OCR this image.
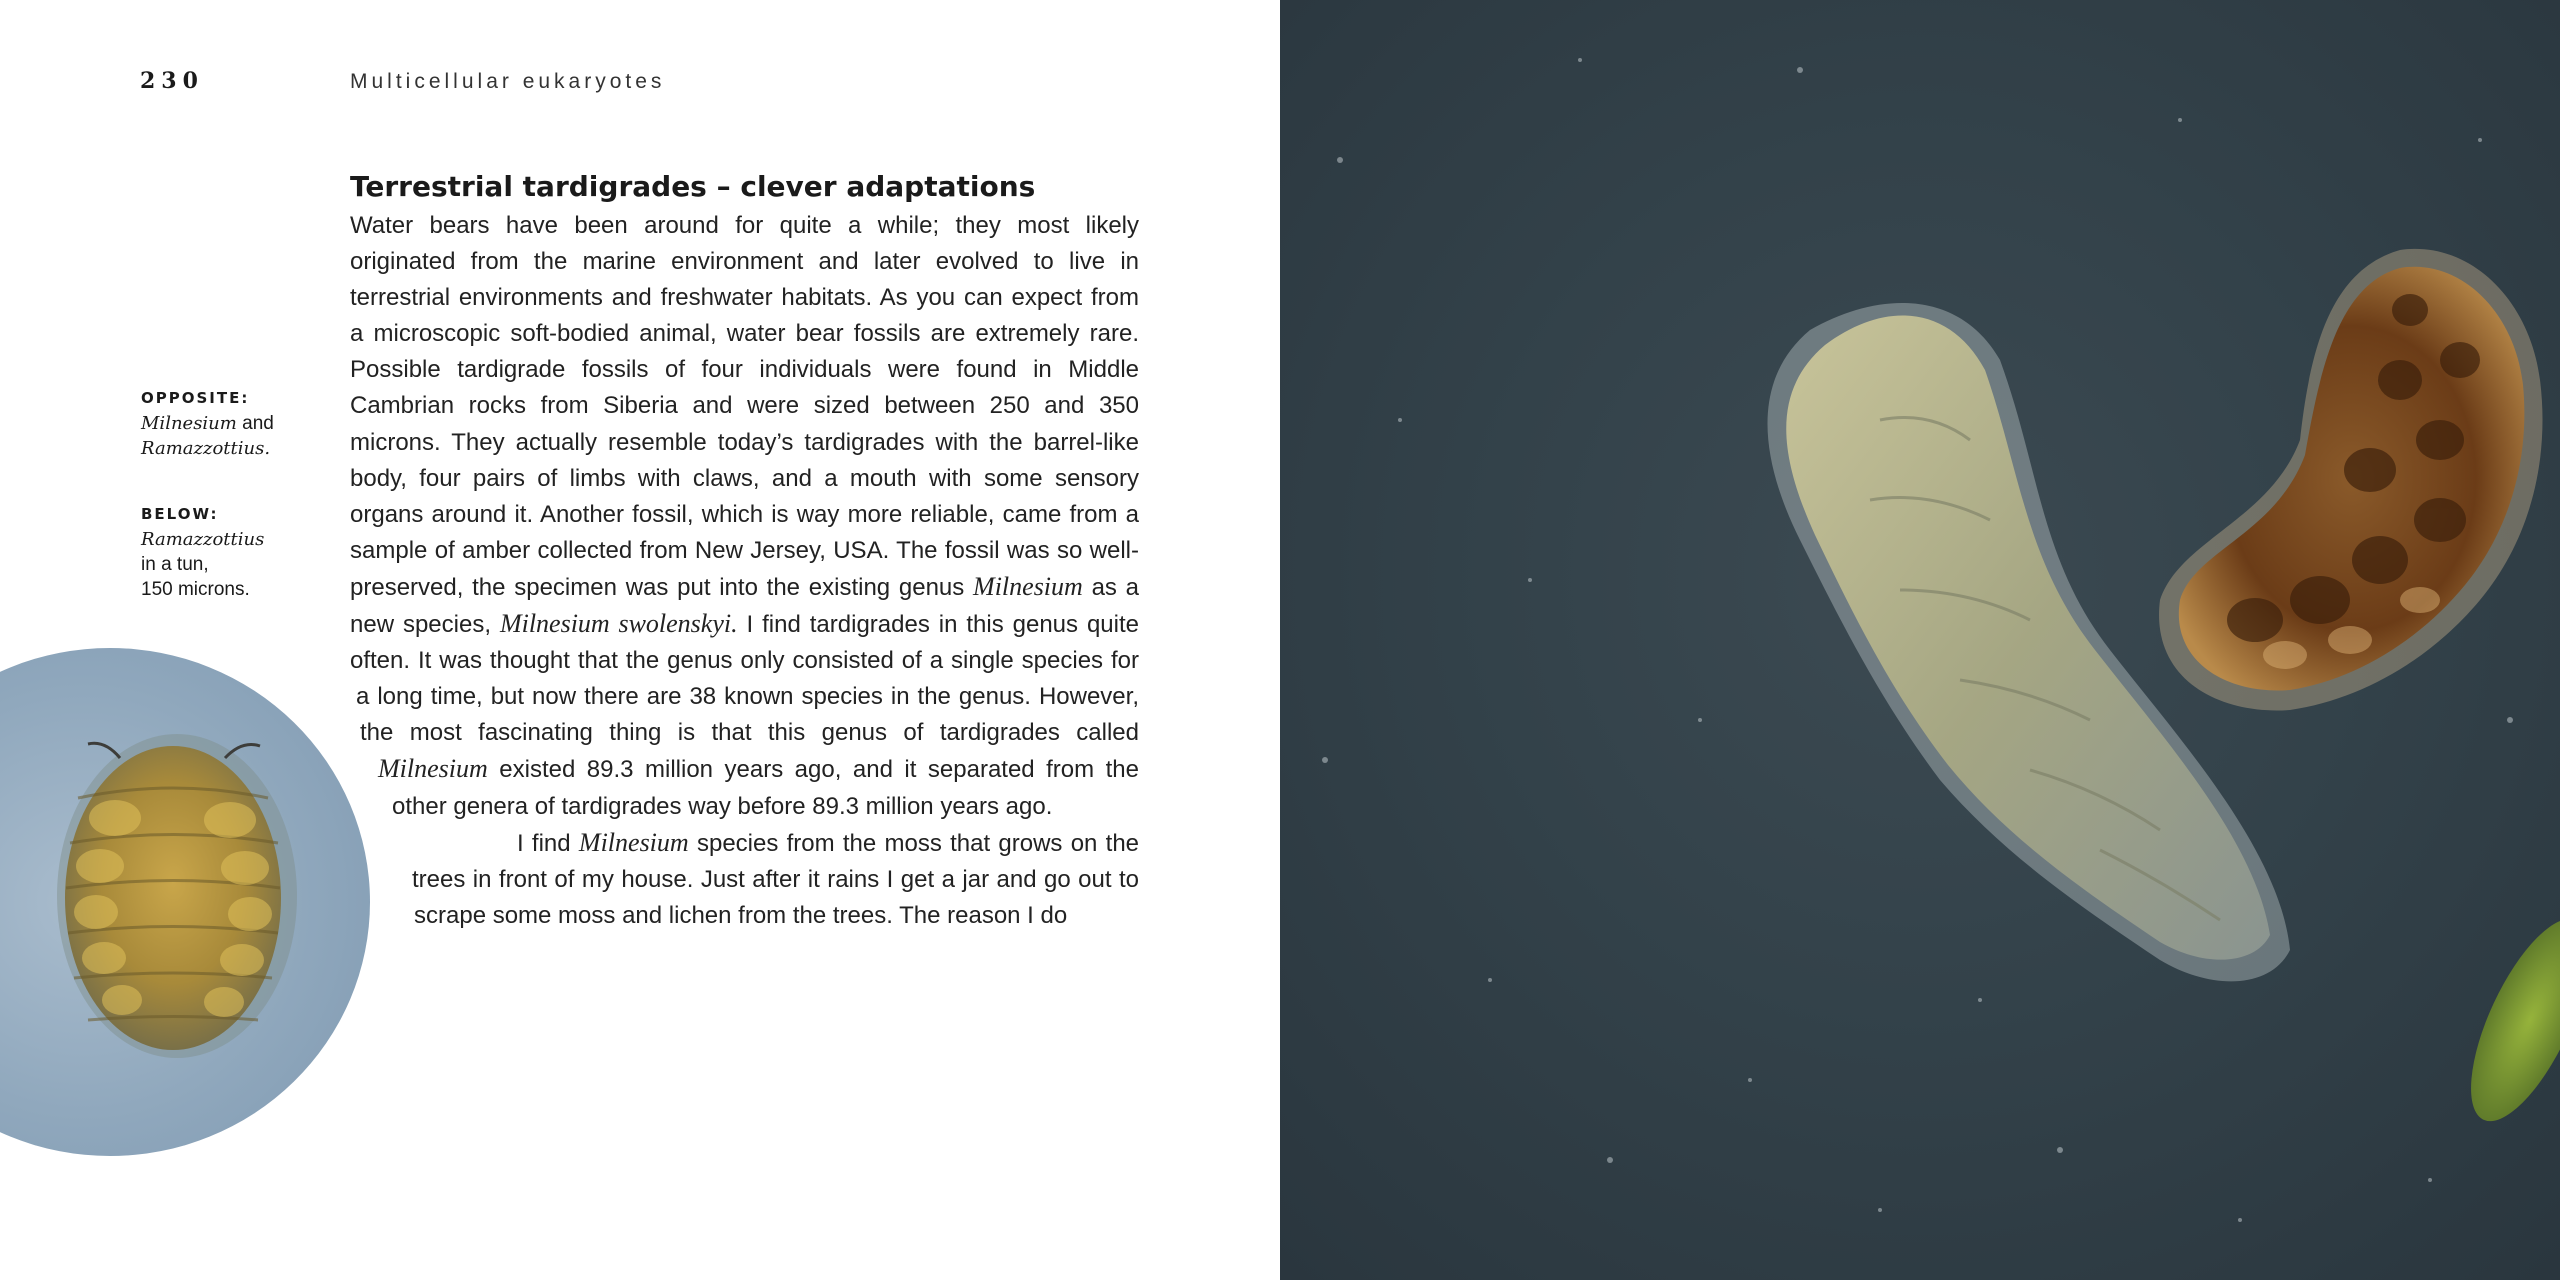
230	Multicellular eukaryotes
OPPOSITE:
Milnesium and
Ramazzottius.
BELOW:
Ramazzottius
in a tun,
150 microns.
Terrestrial tardigrades – clever adaptations

Water bears have been around for quite a while; they most likely originated from the marine environment and later evolved to live in terrestrial environments and freshwater habitats. As you can expect from a microscopic soft-bodied animal, water bear fossils are extremely rare. Possible tardigrade fossils of four individuals were found in Middle Cambrian rocks from Siberia and were sized between 250 and 350 microns. They actually resemble today’s tardigrades with the barrel-like body, four pairs of limbs with claws, and a mouth with some sensory organs around it. Another fossil, which is way more reliable, came from a sample of amber collected from New Jersey, USA. The fossil was so well-preserved, the specimen was put into the existing genus Milnesium as a new species, Milnesium swolenskyi. I find tardigrades in this genus quite often. It was thought that the genus only consisted of a single species for a long time, but now there are 38 known species in the genus. However, the most fascinating thing is that this genus of tardigrades called Milnesium existed 89.3 million years ago, and it separated from the other genera of tardigrades way before 89.3 million years ago.

I find Milnesium species from the moss that grows on the trees in front of my house. Just after it rains I get a jar and go out to scrape some moss and lichen from the trees. The reason I do
